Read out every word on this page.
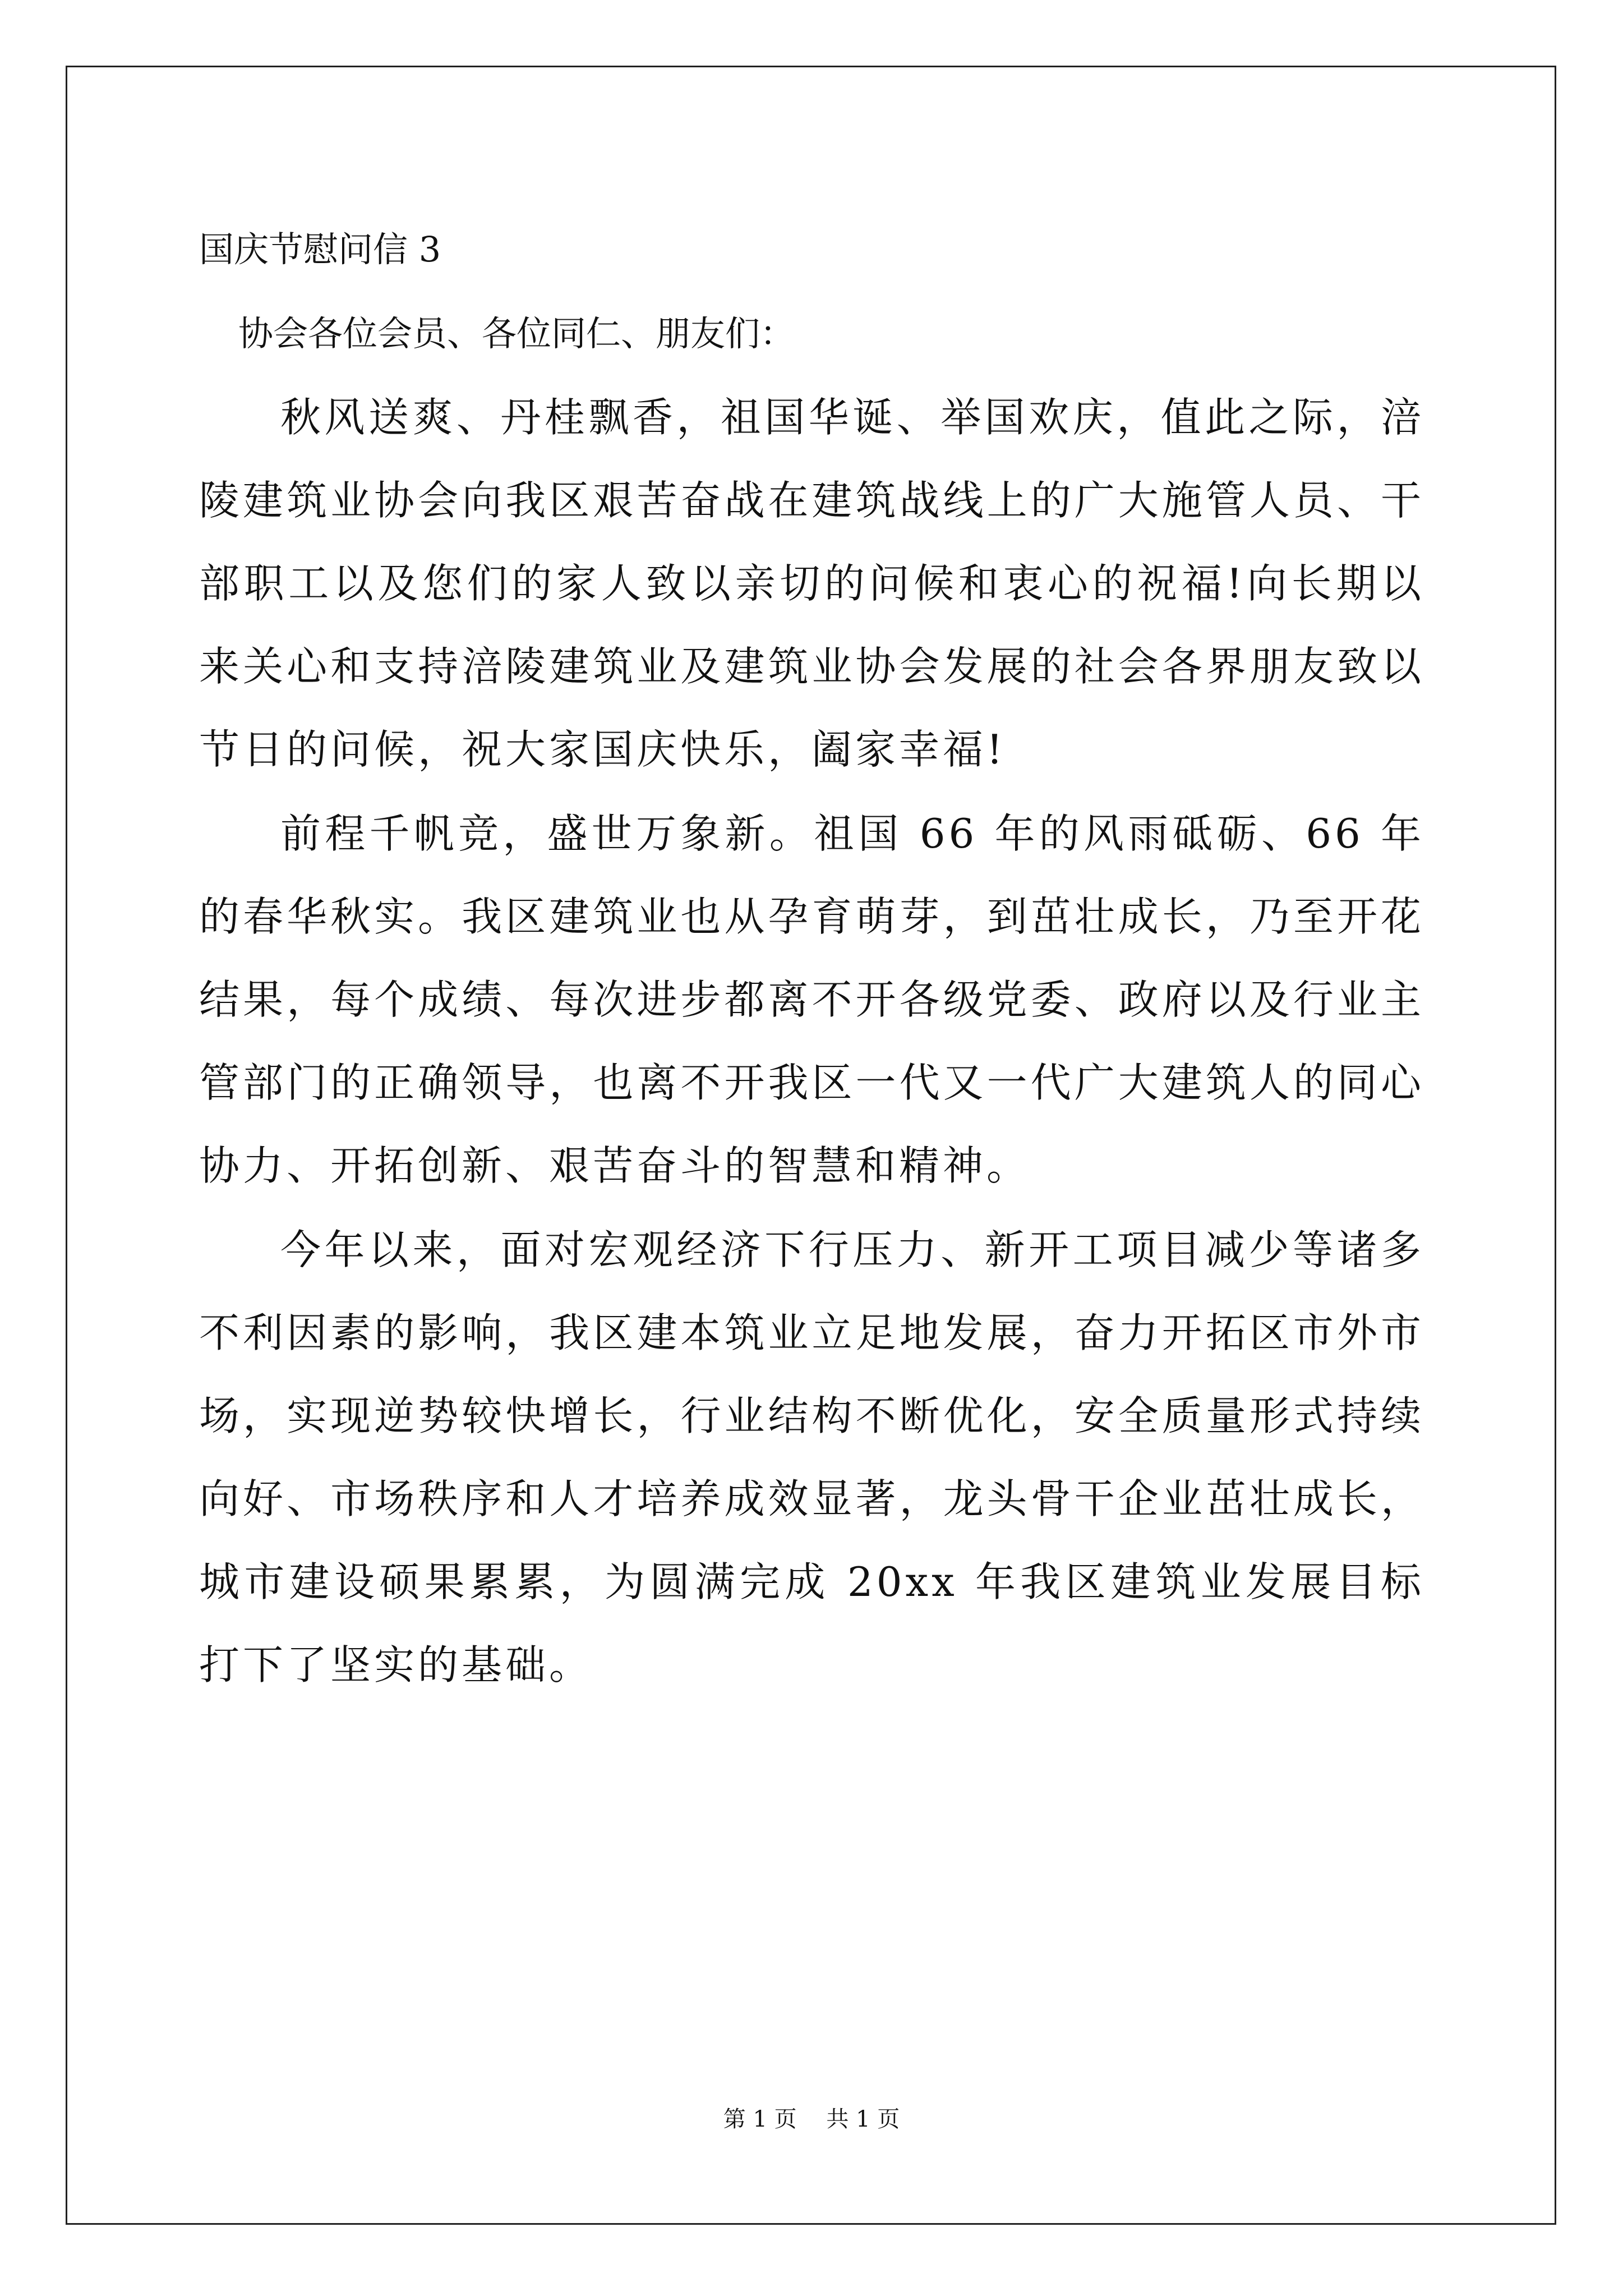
国庆节慰问信 3

协会各位会员、各位同仁、朋友们：

秋风送爽、丹桂飘香，祖国华诞、举国欢庆，值此之际，涪陵建筑业协会向我区艰苦奋战在建筑战线上的广大施管人员、干部职工以及您们的家人致以亲切的问候和衷心的祝福!向长期以来关心和支持涪陵建筑业及建筑业协会发展的社会各界朋友致以节日的问候，祝大家国庆快乐，阖家幸福!

前程千帆竞，盛世万象新。祖国 66 年的风雨砥砺、66 年的春华秋实。我区建筑业也从孕育萌芽，到茁壮成长，乃至开花结果，每个成绩、每次进步都离不开各级党委、政府以及行业主管部门的正确领导，也离不开我区一代又一代广大建筑人的同心协力、开拓创新、艰苦奋斗的智慧和精神。

今年以来，面对宏观经济下行压力、新开工项目减少等诸多不利因素的影响，我区建本筑业立足地发展，奋力开拓区市外市场，实现逆势较快增长，行业结构不断优化，安全质量形式持续向好、市场秩序和人才培养成效显著，龙头骨干企业茁壮成长，城市建设硕果累累，为圆满完成 20xx 年我区建筑业发展目标打下了坚实的基础。

第 1 页 共 1 页
